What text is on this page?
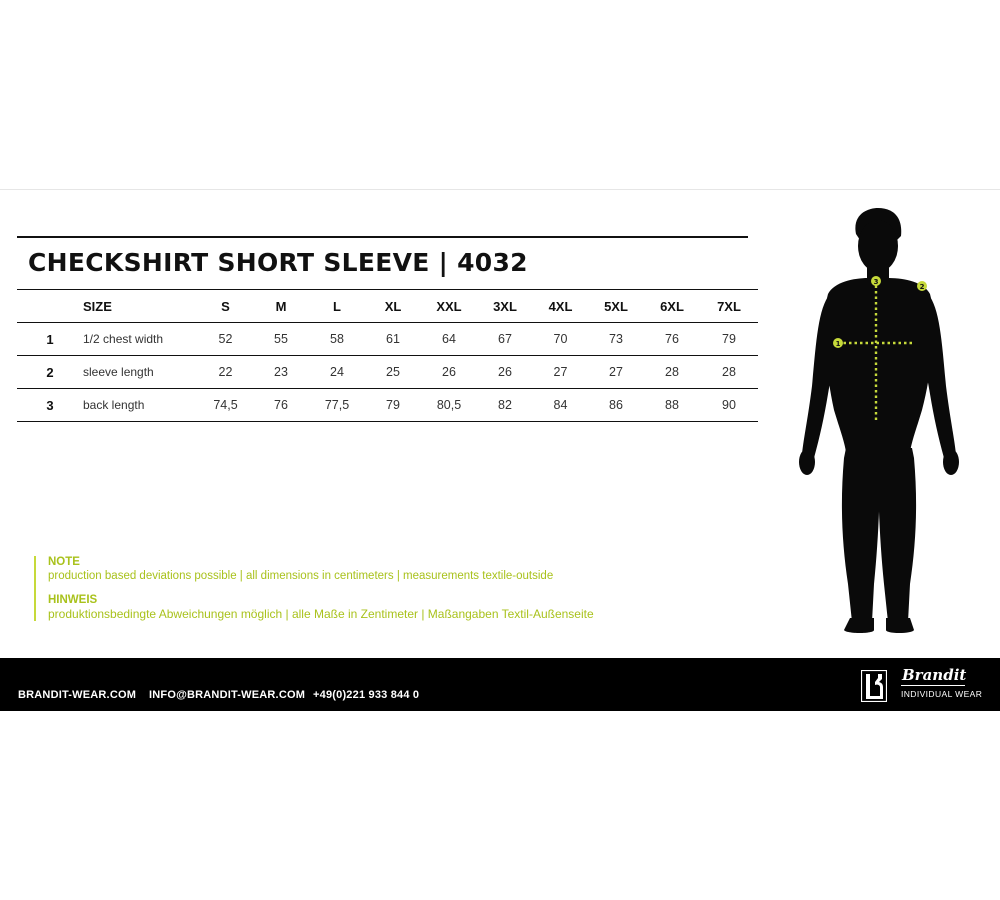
CHECKSHIRT SHORT SLEEVE | 4032
	SIZE	S	M	L	XL	XXL	3XL	4XL	5XL	6XL	7XL
1	1/2 chest width	52	55	58	61	64	67	70	73	76	79
2	sleeve length	22	23	24	25	26	26	27	27	28	28
3	back length	74,5	76	77,5	79	80,5	82	84	86	88	90
NOTE
production based deviations possible | all dimensions in centimeters | measurements textile-outside
HINWEIS
produktionsbedingte Abweichungen möglich | alle Maße in Zentimeter | Maßangaben Textil-Außenseite
1
2
3
BRANDIT-WEAR.COM INFO@BRANDIT-WEAR.COM +49(0)221 933 844 0
Brandit
INDIVIDUAL WEAR
